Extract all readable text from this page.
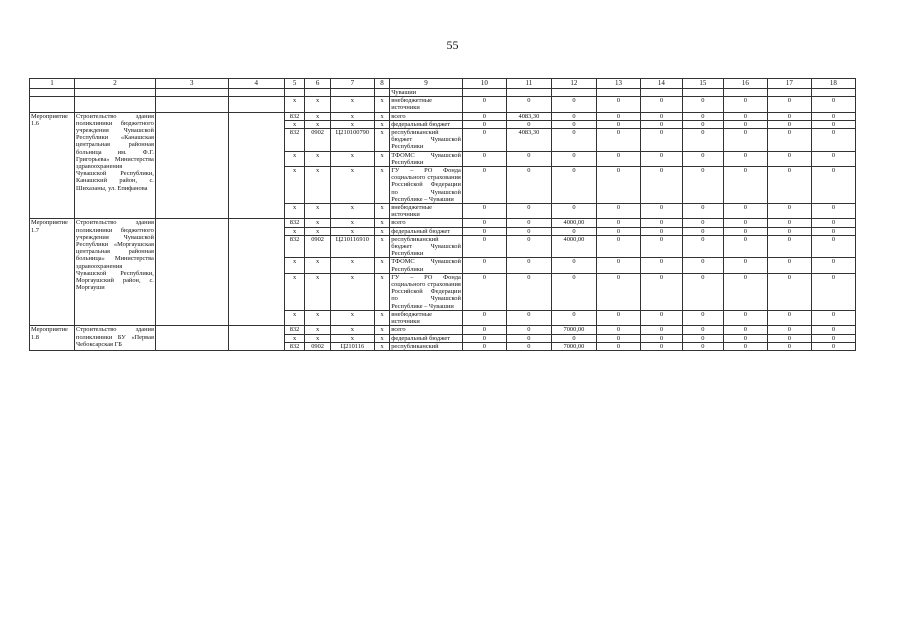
55
1	2	3	4	5	6	7	8	9	10	11	12	13	14	15	16	17	18
								Чувашии									
				x	x	x	x	внебюджетные источники	0	0	0	0	0	0	0	0	0
Мероприятие 1.6	Строительство здания поликлиники бюджетного учреждения Чувашской Республики «Канашская центральная районная больница им. Ф.Г. Григорьева» Министерства здравоохранения Чувашской Республики, Канашский район, с. Шихазаны, ул. Епифанова			832	x	x	x	всего	0	4083,30	0	0	0	0	0	0	0
				x	x	x	x	федеральный бюджет	0	0	0	0	0	0	0	0	0
				832	0902	Ц210100790	x	республиканский бюджет Чувашской Республики	0	4083,30	0	0	0	0	0	0	0
				x	x	x	x	ТФОМС Чувашской Республики	0	0	0	0	0	0	0	0	0
				x	x	x	x	ГУ – РО Фонда социального страхования Российской Федерации по Чувашской Республике – Чувашии	0	0	0	0	0	0	0	0	0
				x	x	x	x	внебюджетные источники	0	0	0	0	0	0	0	0	0
Мероприятие 1.7	Строительство здания поликлиники бюджетного учреждения Чувашской Республики «Моргаушская центральная районная больница» Министерства здравоохранения Чувашской Республики, Моргаушский район, с. Моргауши			832	x	x	x	всего	0	0	4000,00	0	0	0	0	0	0
				x	x	x	x	федеральный бюджет	0	0	0	0	0	0	0	0	0
				832	0902	Ц210116910	x	республиканский бюджет Чувашской Республики	0	0	4000,00	0	0	0	0	0	0
				x	x	x	x	ТФОМС Чувашской Республики	0	0	0	0	0	0	0	0	0
				x	x	x	x	ГУ – РО Фонда социального страхования Российской Федерации по Чувашской Республике – Чувашии	0	0	0	0	0	0	0	0	0
				x	x	x	x	внебюджетные источники	0	0	0	0	0	0	0	0	0
Мероприятие 1.8	Строительство здания поликлиники БУ «Первая Чебоксарская ГБ			832	x	x	x	всего	0	0	7000,00	0	0	0	0	0	0
				x	x	x	x	федеральный бюджет	0	0	0	0	0	0	0	0	0
				832	0902	Ц210116	x	республиканский	0	0	7000,00	0	0	0	0	0	0
